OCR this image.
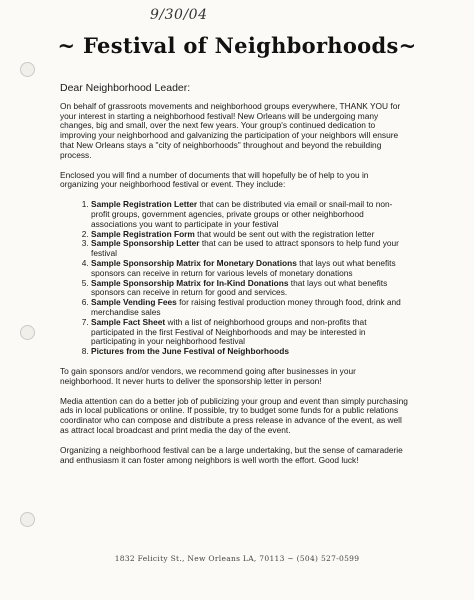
9/30/04
~ Festival of Neighborhoods~
Dear Neighborhood Leader:

On behalf of grassroots movements and neighborhood groups everywhere, THANK YOU for your interest in starting a neighborhood festival! New Orleans will be undergoing many changes, big and small, over the next few years. Your group's continued dedication to improving your neighborhood and galvanizing the participation of your neighbors will ensure that New Orleans stays a "city of neighborhoods" throughout and beyond the rebuilding process.

Enclosed you will find a number of documents that will hopefully be of help to you in organizing your neighborhood festival or event. They include:

1. Sample Registration Letter that can be distributed via email or snail-mail to non-profit groups, government agencies, private groups or other neighborhood associations you want to participate in your festival
2. Sample Registration Form that would be sent out with the registration letter
3. Sample Sponsorship Letter that can be used to attract sponsors to help fund your festival
4. Sample Sponsorship Matrix for Monetary Donations that lays out what benefits sponsors can receive in return for various levels of monetary donations
5. Sample Sponsorship Matrix for In-Kind Donations that lays out what benefits sponsors can receive in return for good and services.
6. Sample Vending Fees for raising festival production money through food, drink and merchandise sales
7. Sample Fact Sheet with a list of neighborhood groups and non-profits that participated in the first Festival of Neighborhoods and may be interested in participating in your neighborhood festival
8. Pictures from the June Festival of Neighborhoods

To gain sponsors and/or vendors, we recommend going after businesses in your neighborhood. It never hurts to deliver the sponsorship letter in person!

Media attention can do a better job of publicizing your group and event than simply purchasing ads in local publications or online. If possible, try to budget some funds for a public relations coordinator who can compose and distribute a press release in advance of the event, as well as attract local broadcast and print media the day of the event.

Organizing a neighborhood festival can be a large undertaking, but the sense of camaraderie and enthusiasm it can foster among neighbors is well worth the effort. Good luck!

1832 Felicity St., New Orleans LA, 70113 ~ (504) 527-0599
